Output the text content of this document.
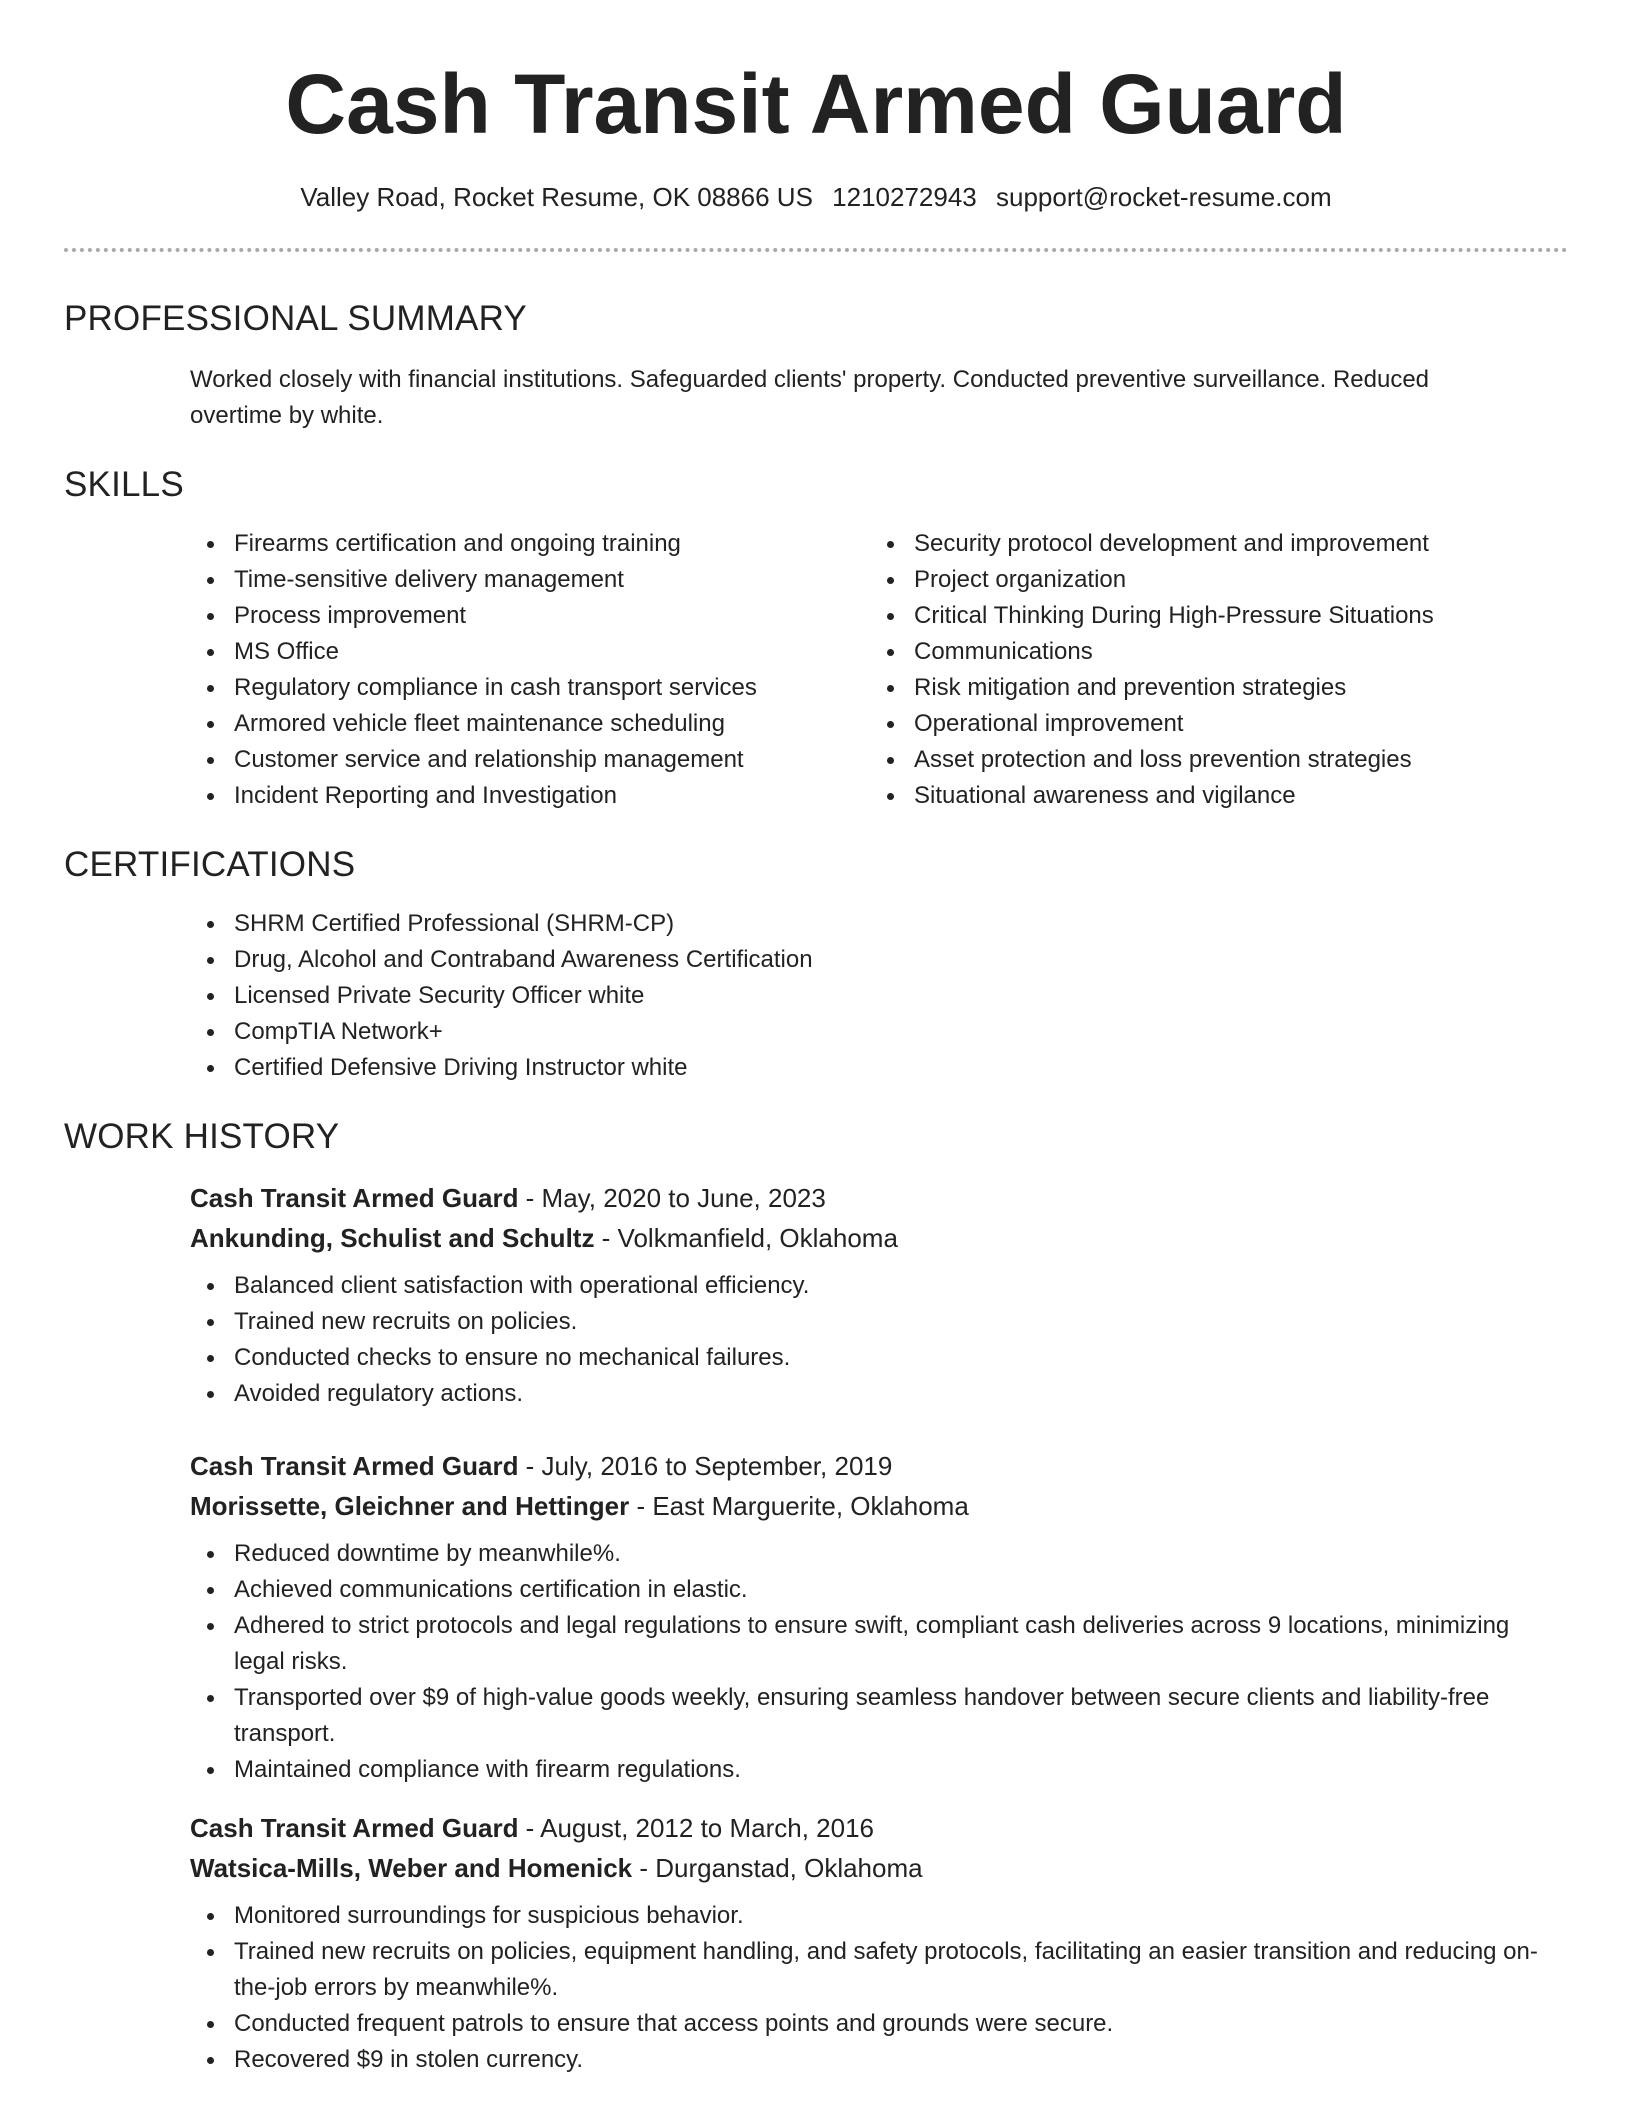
Cash Transit Armed Guard
Valley Road, Rocket Resume, OK 08866 US 1210272943 support@rocket-resume.com
PROFESSIONAL SUMMARY
Worked closely with financial institutions. Safeguarded clients' property. Conducted preventive surveillance. Reduced overtime by white.
SKILLS
Firearms certification and ongoing training
Time-sensitive delivery management
Process improvement
MS Office
Regulatory compliance in cash transport services
Armored vehicle fleet maintenance scheduling
Customer service and relationship management
Incident Reporting and Investigation
Security protocol development and improvement
Project organization
Critical Thinking During High-Pressure Situations
Communications
Risk mitigation and prevention strategies
Operational improvement
Asset protection and loss prevention strategies
Situational awareness and vigilance
CERTIFICATIONS
SHRM Certified Professional (SHRM-CP)
Drug, Alcohol and Contraband Awareness Certification
Licensed Private Security Officer white
CompTIA Network+
Certified Defensive Driving Instructor white
WORK HISTORY
Cash Transit Armed Guard - May, 2020 to June, 2023
Ankunding, Schulist and Schultz - Volkmanfield, Oklahoma
Balanced client satisfaction with operational efficiency.
Trained new recruits on policies.
Conducted checks to ensure no mechanical failures.
Avoided regulatory actions.
Cash Transit Armed Guard - July, 2016 to September, 2019
Morissette, Gleichner and Hettinger - East Marguerite, Oklahoma
Reduced downtime by meanwhile%.
Achieved communications certification in elastic.
Adhered to strict protocols and legal regulations to ensure swift, compliant cash deliveries across 9 locations, minimizing legal risks.
Transported over $9 of high-value goods weekly, ensuring seamless handover between secure clients and liability-free transport.
Maintained compliance with firearm regulations.
Cash Transit Armed Guard - August, 2012 to March, 2016
Watsica-Mills, Weber and Homenick - Durganstad, Oklahoma
Monitored surroundings for suspicious behavior.
Trained new recruits on policies, equipment handling, and safety protocols, facilitating an easier transition and reducing on-the-job errors by meanwhile%.
Conducted frequent patrols to ensure that access points and grounds were secure.
Recovered $9 in stolen currency.
